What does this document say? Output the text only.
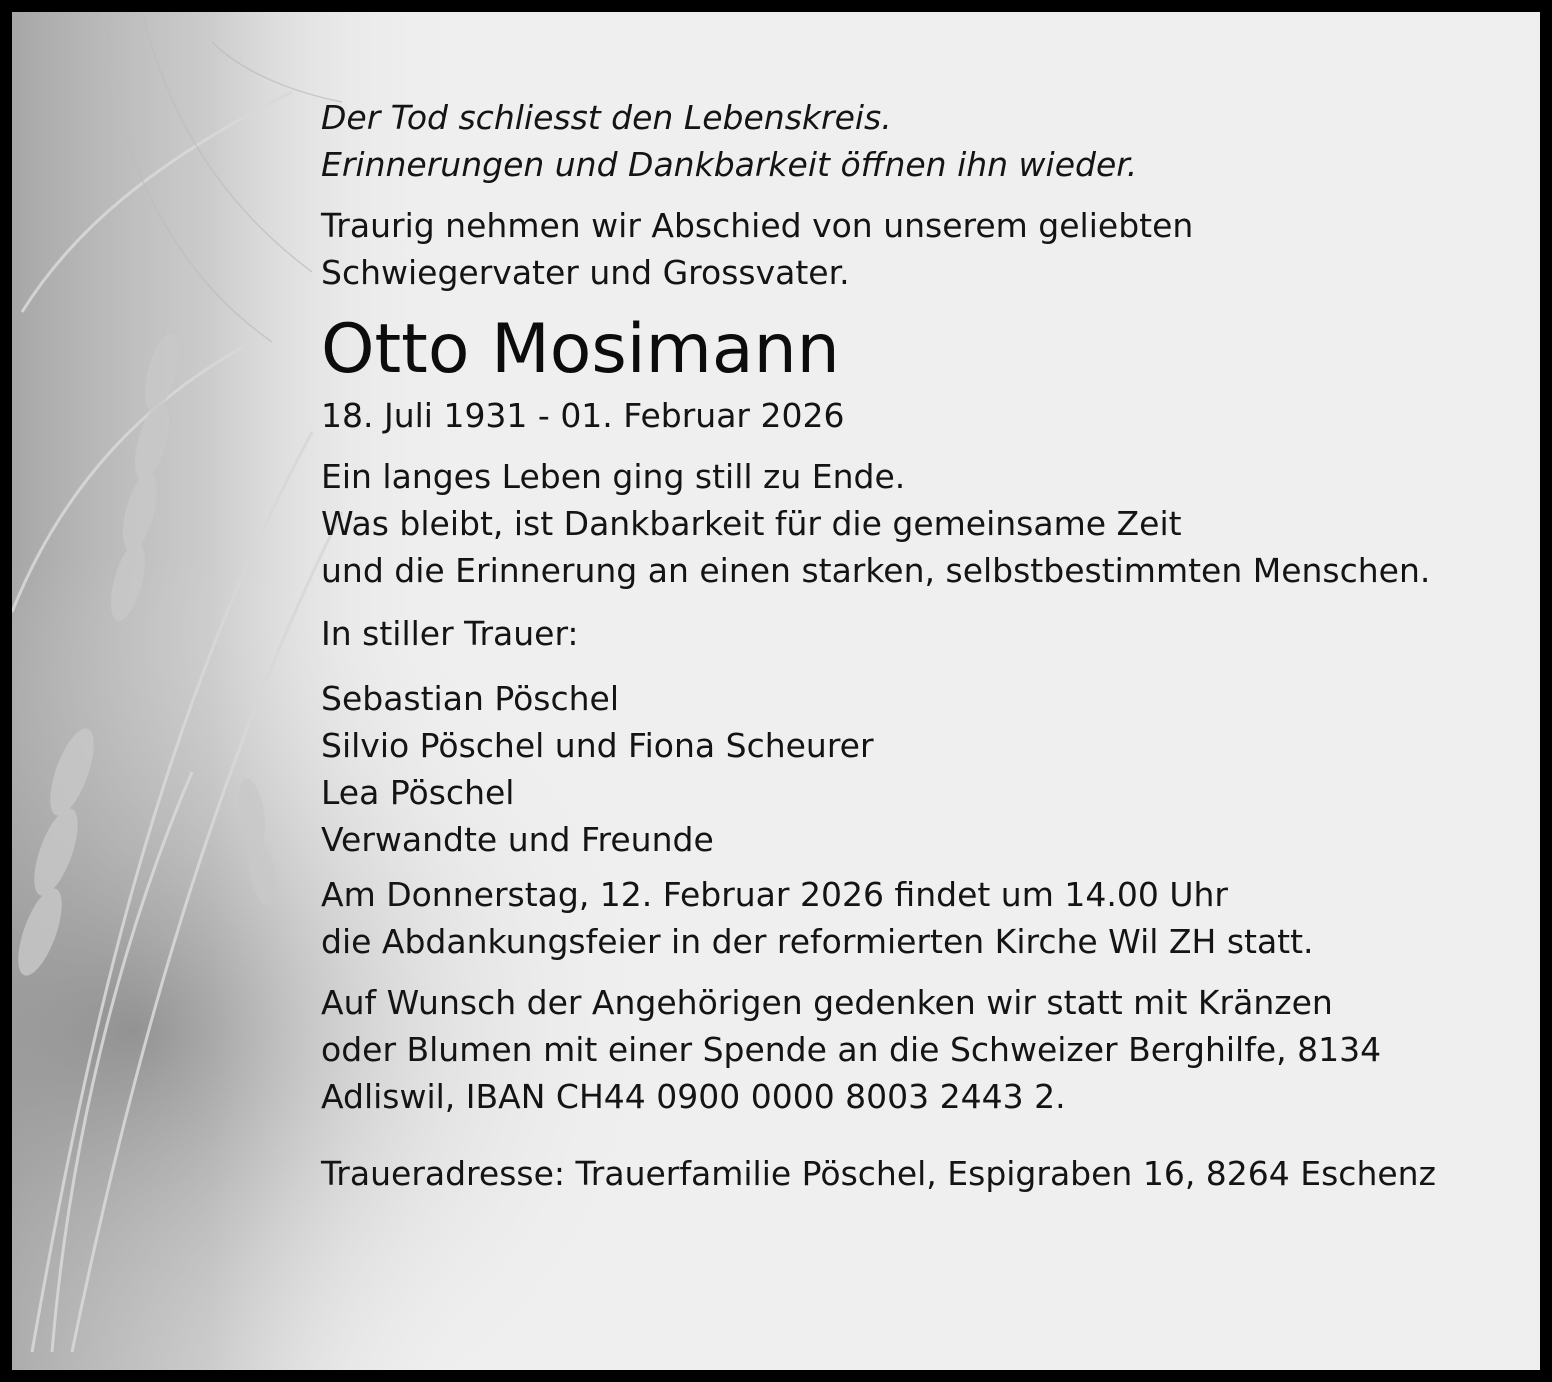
Der Tod schliesst den Lebenskreis.
Erinnerungen und Dankbarkeit öffnen ihn wieder.
Traurig nehmen wir Abschied von unserem geliebten
Schwiegervater und Grossvater.
Otto Mosimann
18. Juli 1931 - 01. Februar 2026
Ein langes Leben ging still zu Ende.
Was bleibt, ist Dankbarkeit für die gemeinsame Zeit
und die Erinnerung an einen starken, selbstbestimmten Menschen.
In stiller Trauer:
Sebastian Pöschel
Silvio Pöschel und Fiona Scheurer
Lea Pöschel
Verwandte und Freunde
Am Donnerstag, 12. Februar 2026 findet um 14.00 Uhr
die Abdankungsfeier in der reformierten Kirche Wil ZH statt.
Auf Wunsch der Angehörigen gedenken wir statt mit Kränzen
oder Blumen mit einer Spende an die Schweizer Berghilfe, 8134
Adliswil, IBAN CH44 0900 0000 8003 2443 2.
Traueradresse: Trauerfamilie Pöschel, Espigraben 16, 8264 Eschenz
